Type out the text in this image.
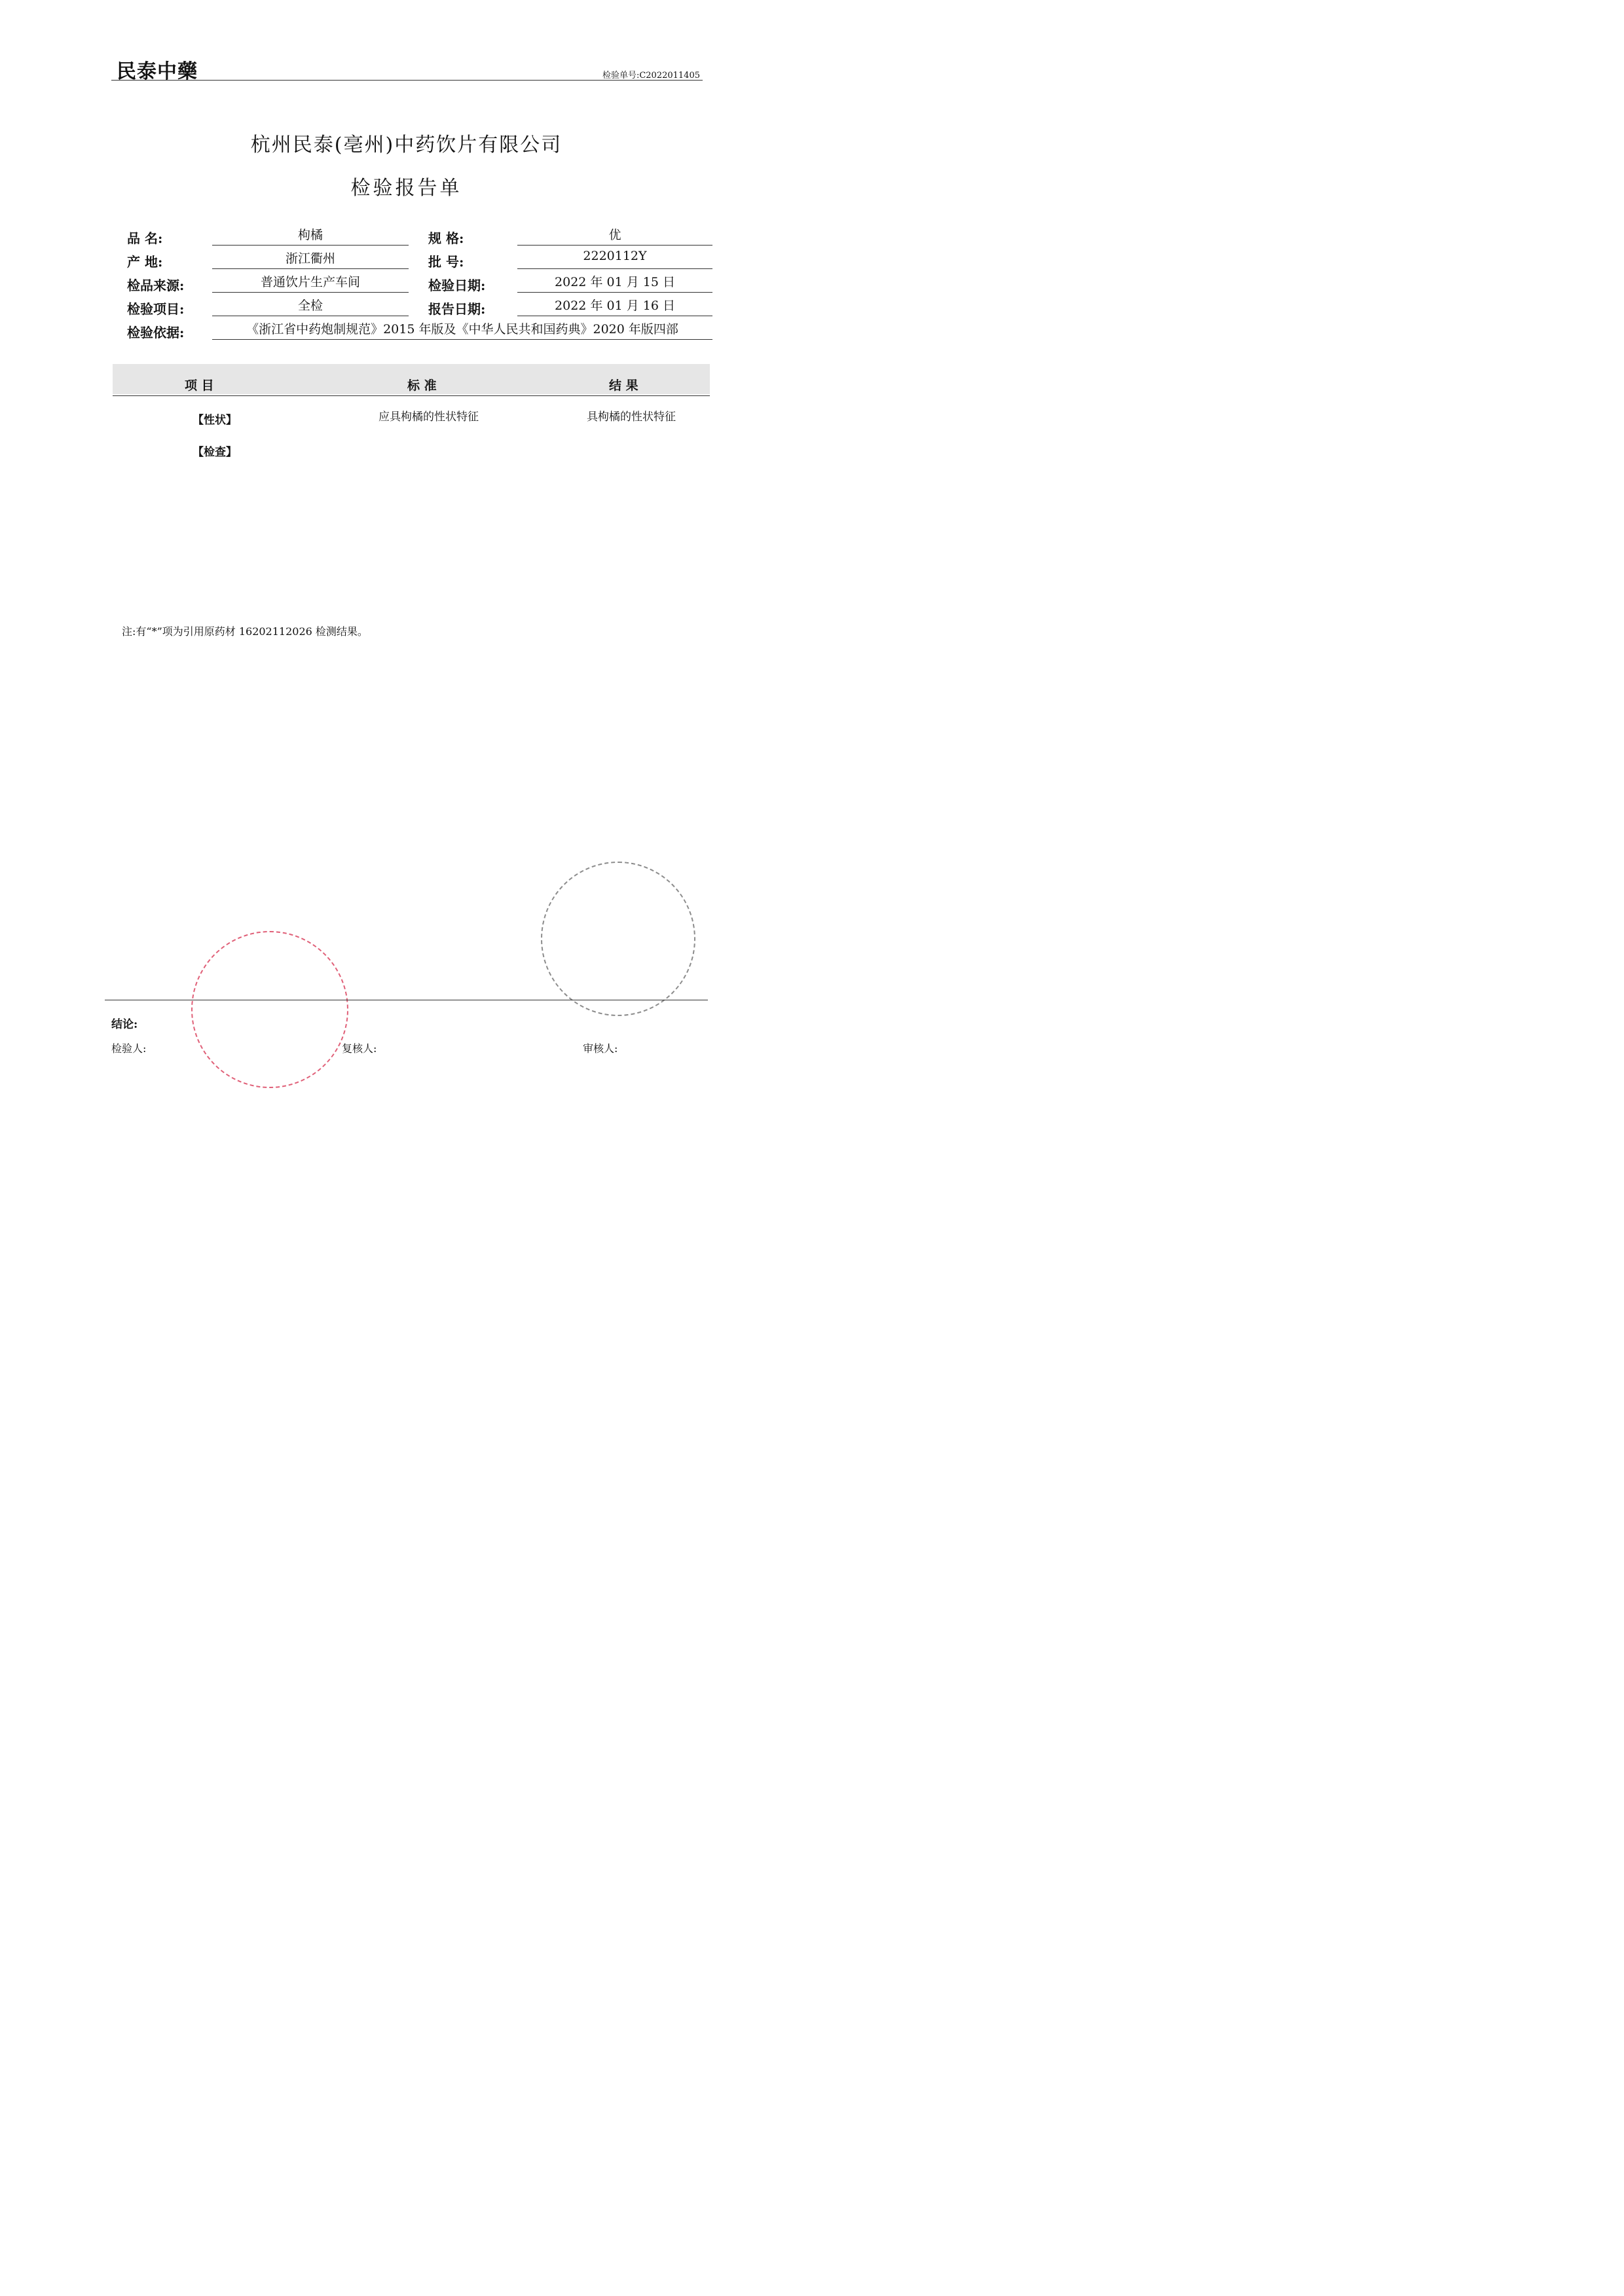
民泰中藥	检验单号:C2022011405
杭州民泰(亳州)中药饮片有限公司
检验报告单
品 名:	枸橘	规 格:	优
产 地:	浙江衢州	批 号:	2220112Y
检品来源:	普通饮片生产车间	检验日期:	2022 年 01 月 15 日
检验项目:	全检	报告日期:	2022 年 01 月 16 日
检验依据:	《浙江省中药炮制规范》2015 年版及《中华人民共和国药典》2020 年版四部
项 目	标 准	结 果
【性状】	应具枸橘的性状特征	具枸橘的性状特征
【检查】
注:有“*”项为引用原药材 16202112026 检测结果。
结论:
检验人:	复核人:	审核人:
